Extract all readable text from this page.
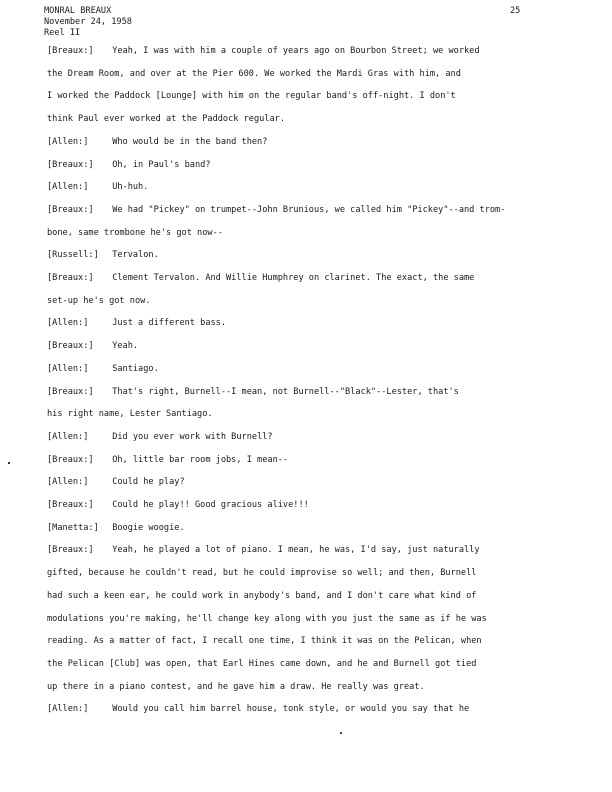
MONRAL BREAUX
November 24, 1958
Reel II
25
[Breaux:] Yeah, I was with him a couple of years ago on Bourbon Street; we worked
the Dream Room, and over at the Pier 600. We worked the Mardi Gras with him, and
I worked the Paddock [Lounge] with him on the regular band's off-night. I don't
think Paul ever worked at the Paddock regular.
[Allen:]	Who would be in the band then?
[Breaux:] Oh, in Paul's band?
[Allen:]	Uh-huh.
[Breaux:] We had "Pickey" on trumpet--John Brunious, we called him "Pickey"--and trom-
bone, same trombone he's got now--
[Russell:] Tervalon.
[Breaux:] Clement Tervalon. And Willie Humphrey on clarinet. The exact, the same
set-up he's got now.
[Allen:]	Just a different bass.
[Breaux:] Yeah.
[Allen:]	Santiago.
[Breaux:] That's right, Burnell--I mean, not Burnell--"Black"--Lester, that's
his right name, Lester Santiago.
[Allen:]	Did you ever work with Burnell?
[Breaux:] Oh, little bar room jobs, I mean--
[Allen:]	Could he play?
[Breaux:] Could he play!! Good gracious alive!!!
[Manetta:] Boogie woogie.
[Breaux:] Yeah, he played a lot of piano. I mean, he was, I'd say, just naturally
gifted, because he couldn't read, but he could improvise so well; and then, Burnell
had such a keen ear, he could work in anybody's band, and I don't care what kind of
modulations you're making, he'll change key along with you just the same as if he was
reading. As a matter of fact, I recall one time, I think it was on the Pelican, when
the Pelican [Club] was open, that Earl Hines came down, and he and Burnell got tied
up there in a piano contest, and he gave him a draw. He really was great.
[Allen:]	Would you call him barrel house, tonk style, or would you say that he
